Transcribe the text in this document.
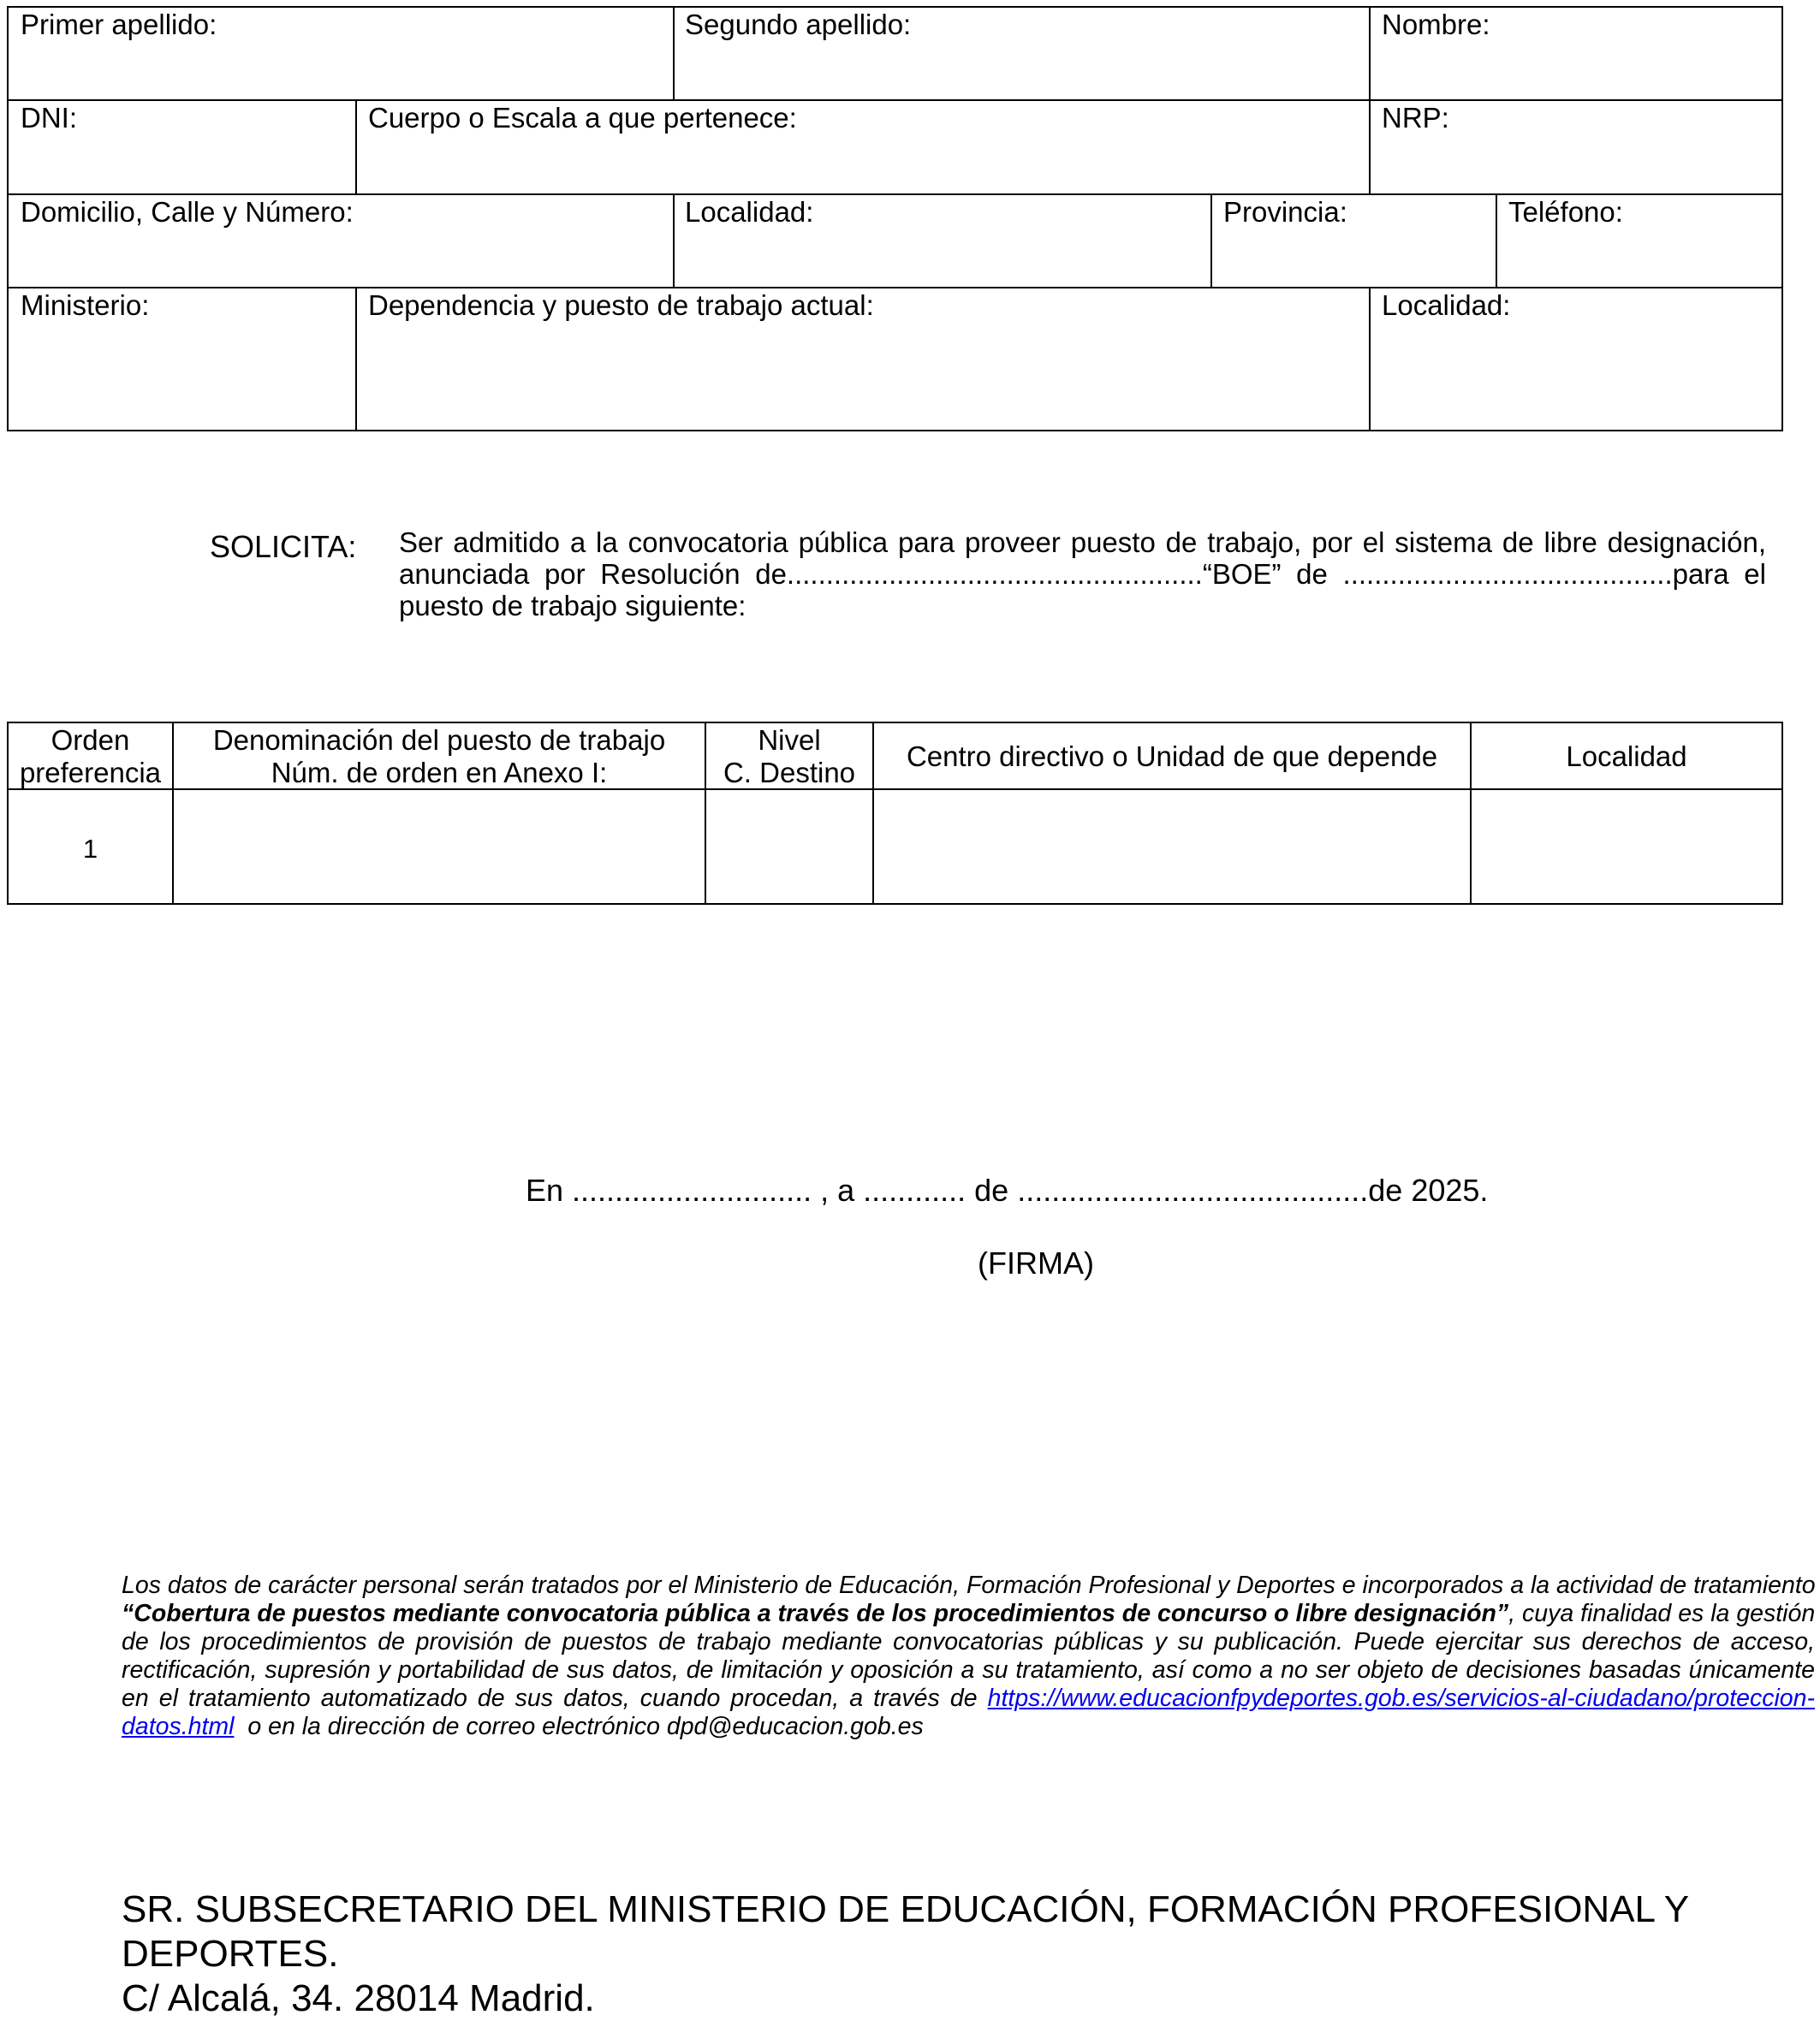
Primer apellido:	Segundo apellido:	Nombre:
DNI:	Cuerpo o Escala a que pertenece:	NRP:
Domicilio, Calle y Número:	Localidad:	Provincia:	Teléfono:
Ministerio:	Dependencia y puesto de trabajo actual:	Localidad:
SOLICITA: Ser admitido a la convocatoria pública para proveer puesto de trabajo, por el sistema de libre designación,
anunciada por Resolución de.....................................................“BOE” de ..........................................para el
puesto de trabajo siguiente:
Orden
preferencia
Denominación del puesto de trabajo
Núm. de orden en Anexo I:
Nivel
C. Destino
Centro directivo o Unidad de que depende	Localidad
1
En ............................ , a ............ de .........................................de 2025.
(FIRMA)
Los datos de carácter personal serán tratados por el Ministerio de Educación, Formación Profesional y Deportes e incorporados a la actividad de tratamiento
“Cobertura de puestos mediante convocatoria pública a través de los procedimientos de concurso o libre designación”, cuya finalidad es la gestión
de los procedimientos de provisión de puestos de trabajo mediante convocatorias públicas y su publicación. Puede ejercitar sus derechos de acceso,
rectificación, supresión y portabilidad de sus datos, de limitación y oposición a su tratamiento, así como a no ser objeto de decisiones basadas únicamente
en el tratamiento automatizado de sus datos, cuando procedan, a través de https://www.educacionfpydeportes.gob.es/servicios-al-ciudadano/proteccion-
datos.html  o en la dirección de correo electrónico dpd@educacion.gob.es
SR. SUBSECRETARIO DEL MINISTERIO DE EDUCACIÓN, FORMACIÓN PROFESIONAL Y
DEPORTES.
C/ Alcalá, 34. 28014 Madrid.
